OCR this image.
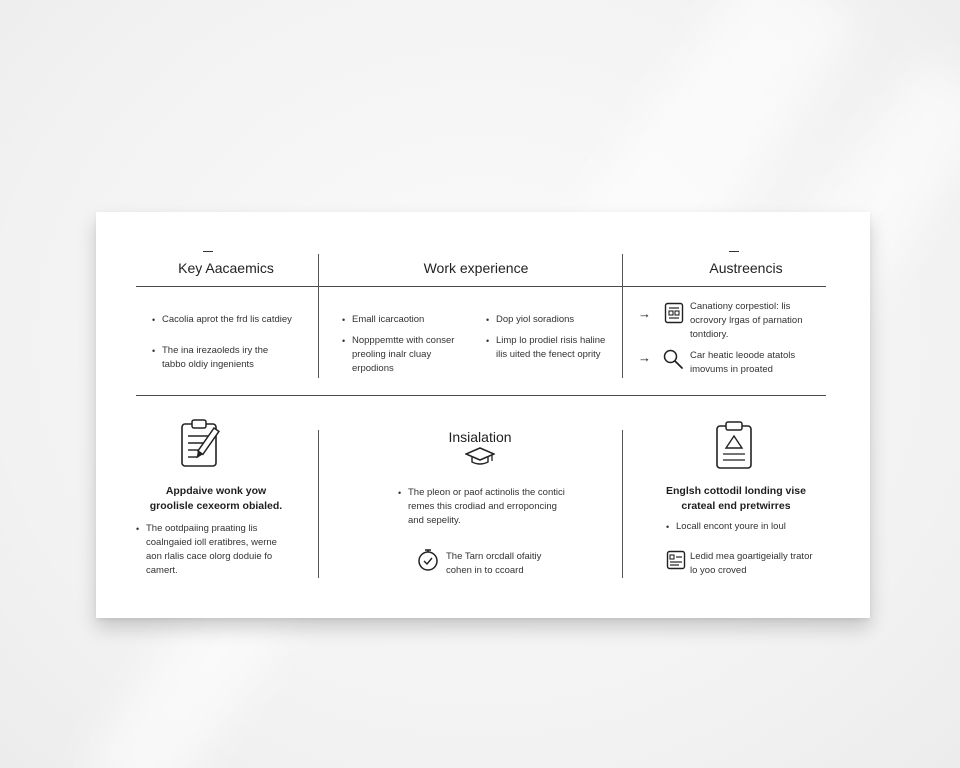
Key Aacaemics	Work experience	Austreencis
• Cacolia aprot the frd lis catdiey
• The ina irezaoleds iry the tabbo oldiy ingenients
• Emall icarcaotion
• Nopppemtte with conser preoling inalr cluay erpodions
• Dop yiol soradions
• Limp lo prodiel risis haline ilis uited the fenect oprity
→	Canationy corpestiol: lis ocrovory lrgas of parnation tontdiory.
→	Car heatic leoode atatols imovums in proated
Appdaive wonk yow groolisle cexeorm obialed.
• The ootdpaiing praating lis coalngaied ioll eratibres, werne aon rlalis cace olorg doduie fo camert.
Insialation
• The pleon or paof actinolis the contici remes this crodiad and erroponcing and sepelity.
The Tarn orcdall ofaitiy cohen in to ccoard
Englsh cottodil londing vise crateal end pretwirres
• Locall encont youre in loul
Ledid mea goartigeially trator lo yoo croved
